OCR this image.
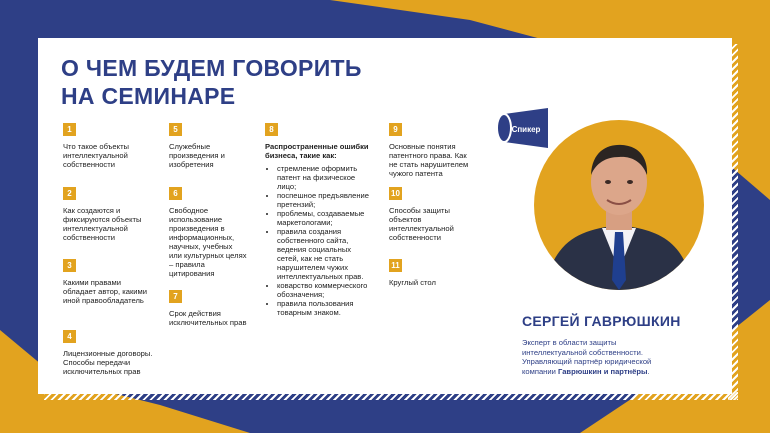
О ЧЕМ БУДЕМ ГОВОРИТЬ
НА СЕМИНАРЕ
1

Что такое объекты интеллектуальной собственности

2

Как создаются и фиксируются объекты интеллектуальной собственности

3

Какими правами обладает автор, какими иной правообладатель

4

Лицензионные договоры. Способы передачи исключительных прав

5

Служебные произведения и изобретения

6

Свободное использование произведения в информационных, научных, учебных или культурных целях – правила цитирования

7

Срок действия исключительных прав

8

Распространенные ошибки бизнеса, такие как:

• стремление оформить патент на физическое лицо;
• поспешное предъявление претензий;
• проблемы, создаваемые маркетологами;
• правила создания собственного сайта, ведения социальных сетей, как не стать нарушителем чужих интеллектуальных прав.
• коварство коммерческого обозначения;
• правила пользования товарным знаком.
9

Основные понятия патентного права. Как не стать нарушителем чужого патента

10

Способы защиты объектов интеллектуальной собственности

11

Круглый стол

Спикер
СЕРГЕЙ ГАВРЮШКИН

Эксперт в области защиты интеллектуальной собственности. Управляющий партнёр юридической компании Гаврюшкин и партнёры.
